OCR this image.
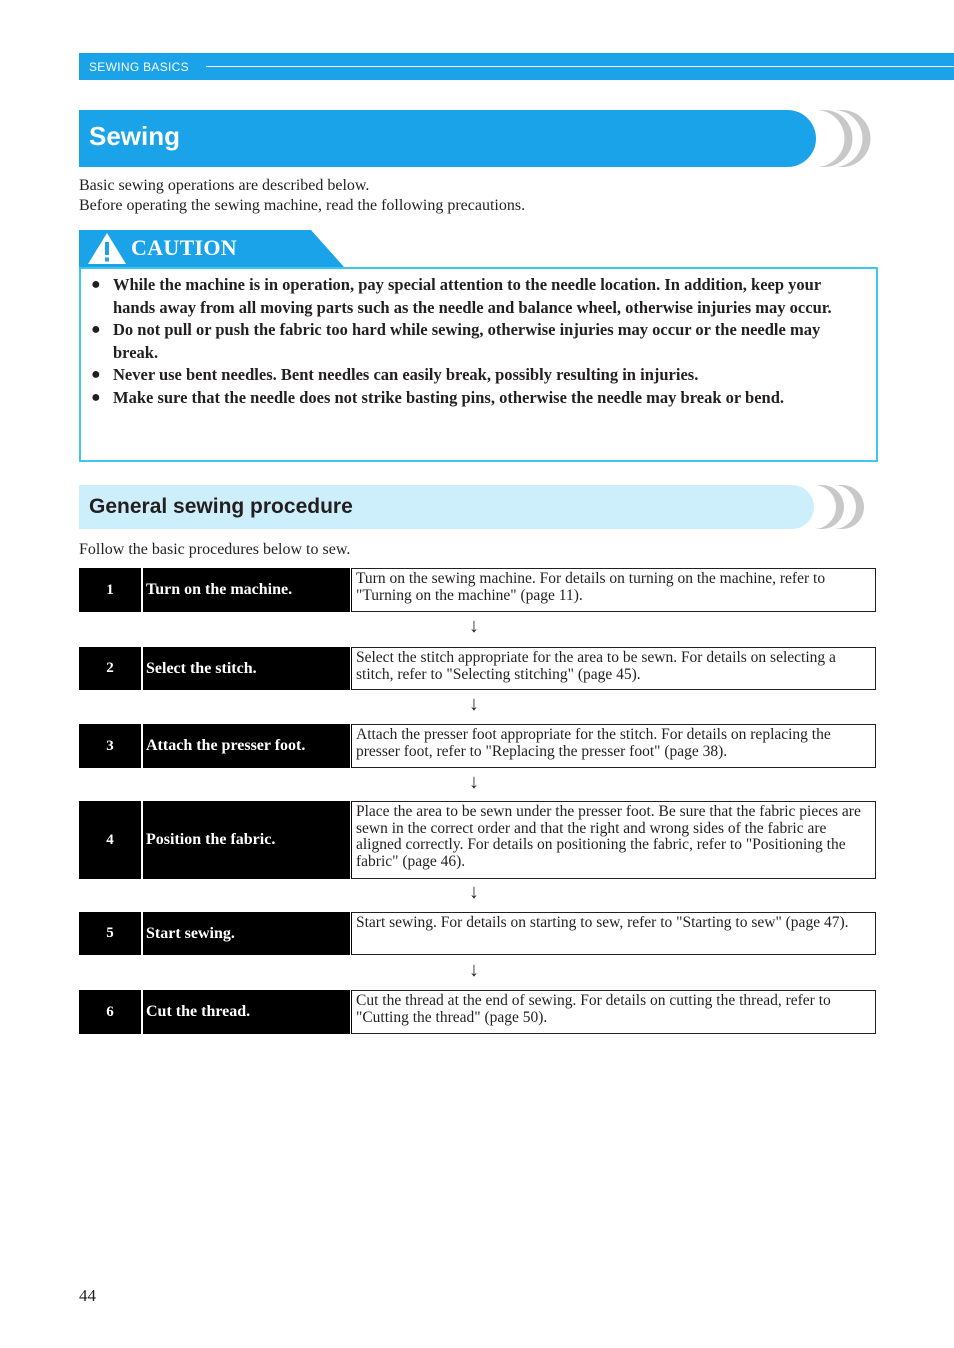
SEWING BASICS
Sewing
Basic sewing operations are described below.
Before operating the sewing machine, read the following precautions.
CAUTION
● While the machine is in operation, pay special attention to the needle location. In addition, keep your hands away from all moving parts such as the needle and balance wheel, otherwise injuries may occur.
● Do not pull or push the fabric too hard while sewing, otherwise injuries may occur or the needle may break.
● Never use bent needles. Bent needles can easily break, possibly resulting in injuries.
● Make sure that the needle does not strike basting pins, otherwise the needle may break or bend.
General sewing procedure
Follow the basic procedures below to sew.
1	Turn on the machine.
Turn on the sewing machine. For details on turning on the machine, refer to "Turning on the machine" (page 11).
↓
2	Select the stitch.
Select the stitch appropriate for the area to be sewn. For details on selecting a stitch, refer to "Selecting stitching" (page 45).
↓
3	Attach the presser foot.
Attach the presser foot appropriate for the stitch. For details on replacing the presser foot, refer to "Replacing the presser foot" (page 38).
↓
4	Position the fabric.
Place the area to be sewn under the presser foot. Be sure that the fabric pieces are sewn in the correct order and that the right and wrong sides of the fabric are aligned correctly. For details on positioning the fabric, refer to "Positioning the fabric" (page 46).
↓
5	Start sewing.
Start sewing. For details on starting to sew, refer to "Starting to sew" (page 47).
↓
6	Cut the thread.
Cut the thread at the end of sewing. For details on cutting the thread, refer to "Cutting the thread" (page 50).
44
